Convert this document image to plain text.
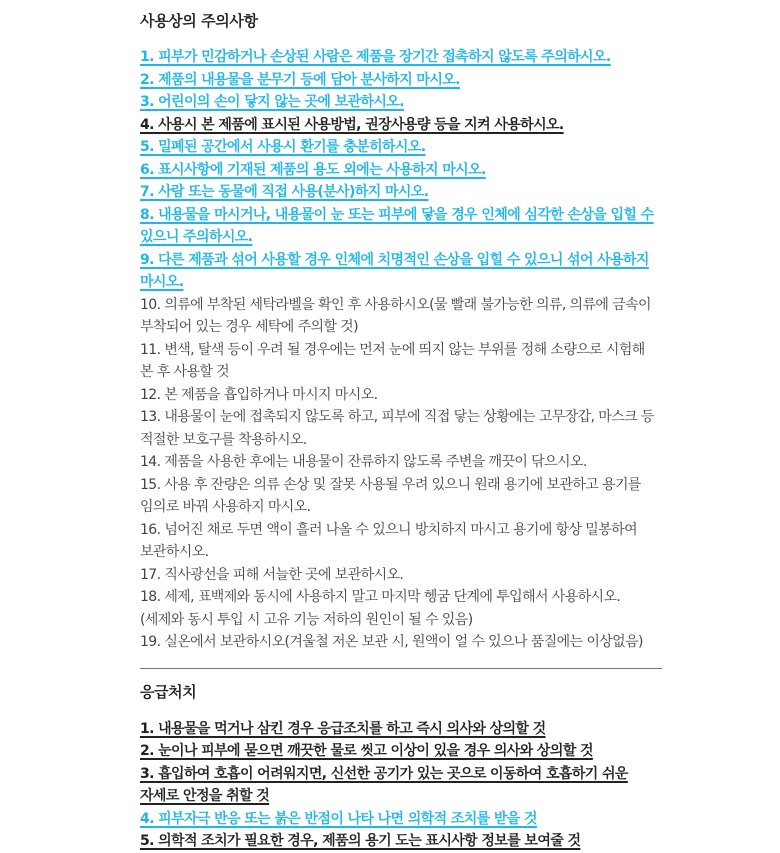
사용상의 주의사항
1. 피부가 민감하거나 손상된 사람은 제품을 장기간 접촉하지 않도록 주의하시오.
2. 제품의 내용물을 분무기 등에 담아 분사하지 마시오.
3. 어린이의 손이 닿지 않는 곳에 보관하시오.
4. 사용시 본 제품에 표시된 사용방법, 권장사용량 등을 지켜 사용하시오.
5. 밀폐된 공간에서 사용시 환기를 충분히하시오.
6. 표시사항에 기재된 제품의 용도 외에는 사용하지 마시오.
7. 사람 또는 동물에 직접 사용(분사)하지 마시오.
8. 내용물을 마시거나, 내용물이 눈 또는 피부에 닿을 경우 인체에 심각한 손상을 입힐 수 있으니 주의하시오.
9. 다른 제품과 섞어 사용할 경우 인체에 치명적인 손상을 입힐 수 있으니 섞어 사용하지 마시오.
10. 의류에 부착된 세탁라벨을 확인 후 사용하시오(물 빨래 불가능한 의류, 의류에 금속이 부착되어 있는 경우 세탁에 주의할 것)
11. 변색, 탈색 등이 우려 될 경우에는 먼저 눈에 띄지 않는 부위를 정해 소량으로 시험해 본 후 사용할 것
12. 본 제품을 흡입하거나 마시지 마시오.
13. 내용물이 눈에 접촉되지 않도록 하고, 피부에 직접 닿는 상황에는 고무장갑, 마스크 등 적절한 보호구를 착용하시오.
14. 제품을 사용한 후에는 내용물이 잔류하지 않도록 주변을 깨끗이 닦으시오.
15. 사용 후 잔량은 의류 손상 및 잘못 사용될 우려 있으니 원래 용기에 보관하고 용기를 임의로 바꿔 사용하지 마시오.
16. 넘어진 채로 두면 액이 흘러 나올 수 있으니 방치하지 마시고 용기에 항상 밀봉하여 보관하시오.
17. 직사광선을 피해 서늘한 곳에 보관하시오.
18. 세제, 표백제와 동시에 사용하지 말고 마지막 헹굼 단계에 투입해서 사용하시오. (세제와 동시 투입 시 고유 기능 저하의 원인이 될 수 있음)
19. 실온에서 보관하시오(겨울철 저온 보관 시, 원액이 얼 수 있으나 품질에는 이상없음)
응급처치
1. 내용물을 먹거나 삼킨 경우 응급조치를 하고 즉시 의사와 상의할 것
2. 눈이나 피부에 묻으면 깨끗한 물로 씻고 이상이 있을 경우 의사와 상의할 것
3. 흡입하여 호흡이 어려워지면, 신선한 공기가 있는 곳으로 이동하여 호흡하기 쉬운 자세로 안정을 취할 것
4. 피부자극 반응 또는 붉은 반점이 나타 나면 의학적 조치를 받을 것
5. 의학적 조치가 필요한 경우, 제품의 용기 도는 표시사항 정보를 보여줄 것
